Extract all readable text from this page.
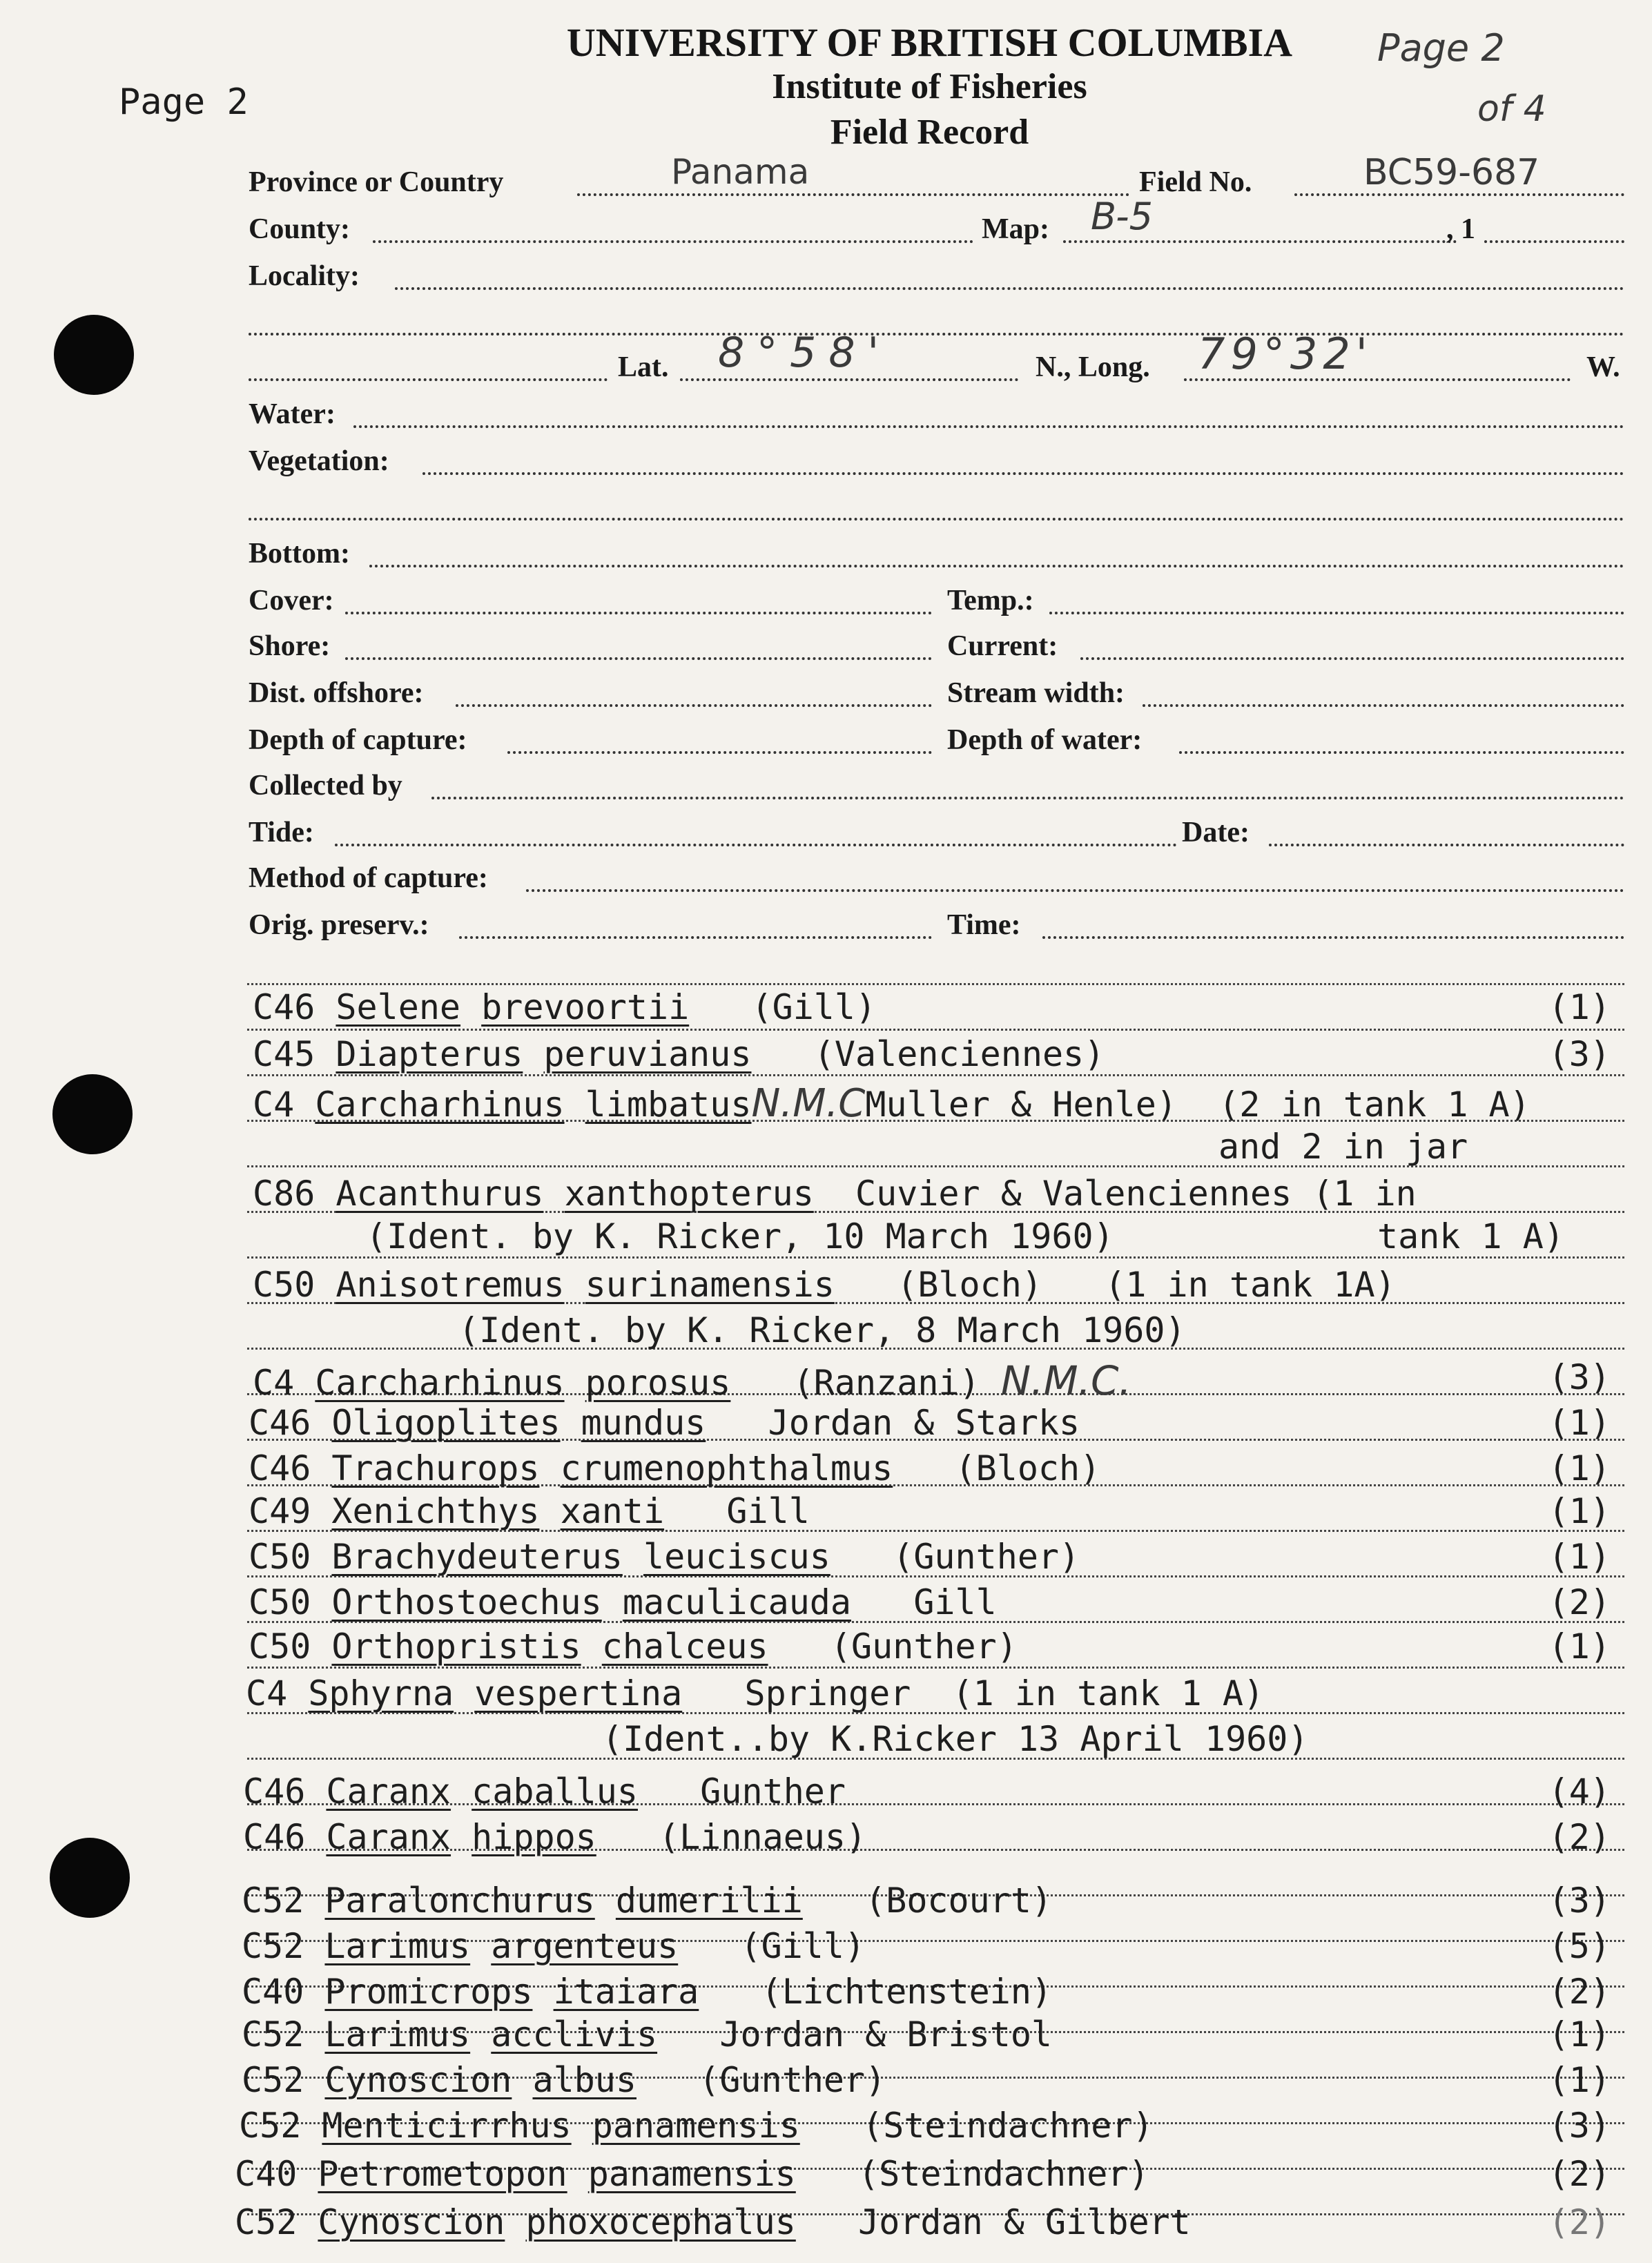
Page 2
UNIVERSITY OF BRITISH COLUMBIA
Institute of Fisheries
Field Record
Page 2
of 4
Province or Country	Panama	Field No.	BC59-687
County:	Map: B-5	, 1
Locality:
Lat. 8°58'	N., Long. 79°32'	W.
Water:
Vegetation:
Bottom:
Cover:	Temp.:
Shore:	Current:
Dist. offshore:	Stream width:
Depth of capture:	Depth of water:
Collected by
Tide:	Date:
Method of capture:
Orig. preserv.:	Time:
C46 Selene brevoortii (Gill)	(1)
C45 Diapterus peruvianus (Valenciennes)	(3)
C4 Carcharhinus limbatusN.M.CMuller & Henle) (2 in tank 1 A)
and 2 in jar
C86 Acanthurus xanthopterus Cuvier & Valenciennes (1 in
(Ident. by K. Ricker, 10 March 1960)	tank 1 A)
C50 Anisotremus surinamensis (Bloch) (1 in tank 1A)
(Ident. by K. Ricker, 8 March 1960)
C4 Carcharhinus porosus (Ranzani) N.M.C.	(3)
C46 Oligoplites mundus Jordan & Starks	(1)
C46 Trachurops crumenophthalmus (Bloch)	(1)
C49 Xenichthys xanti Gill	(1)
C50 Brachydeuterus leuciscus (Gunther)	(1)
C50 Orthostoechus maculicauda Gill	(2)
C50 Orthopristis chalceus (Gunther)	(1)
C4 Sphyrna vespertina Springer (1 in tank 1 A)
(Ident..by K.Ricker 13 April 1960)
C46 Caranx caballus Gunther	(4)
C46 Caranx hippos (Linnaeus)	(2)
C52 Paralonchurus dumerilii (Bocourt)	(3)
C52 Larimus argenteus (Gill)	(5)
C40 Promicrops itaiara (Lichtenstein)	(2)
C52 Larimus acclivis Jordan & Bristol	(1)
C52 Cynoscion albus (Gunther)	(1)
C52 Menticirrhus panamensis (Steindachner)	(3)
C40 Petrometopon panamensis (Steindachner)	(2)
C52 Cynoscion phoxocephalus Jordan & Gilbert	(2)
